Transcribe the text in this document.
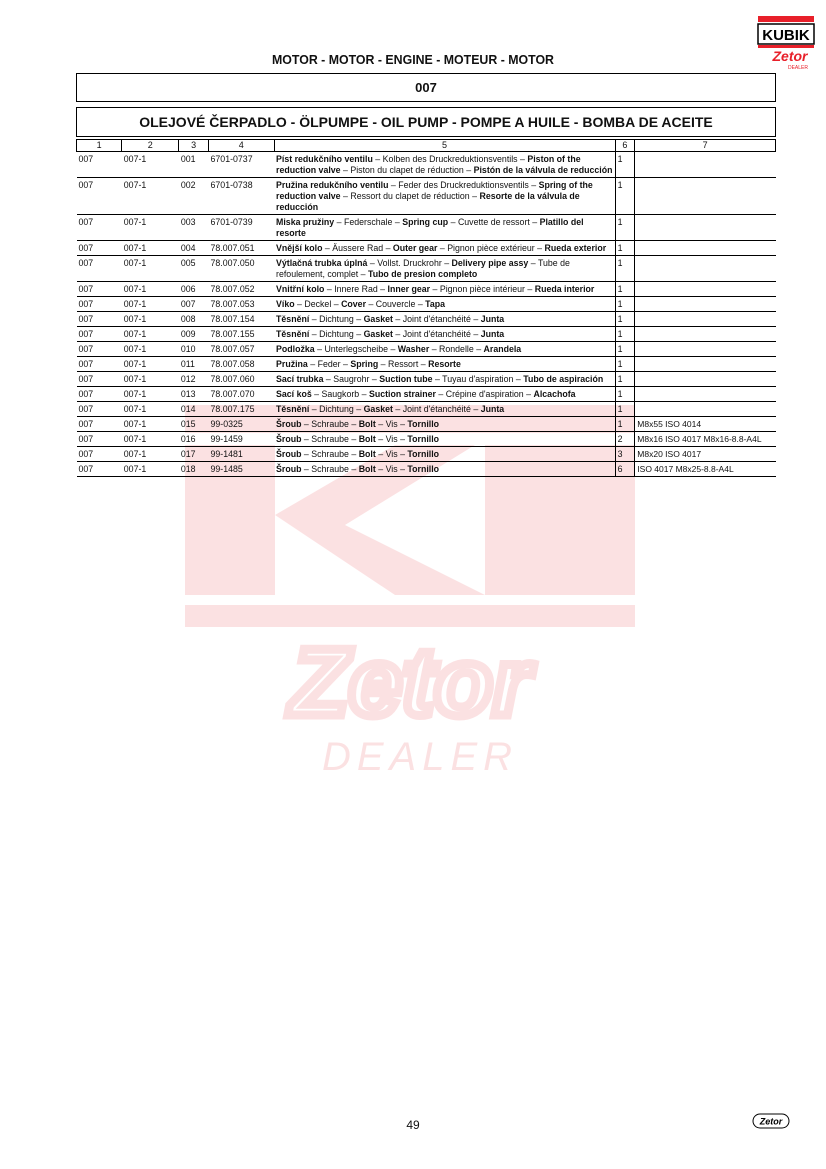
KUBIK
Zetor
DEALER
Zetor
DEALER
MOTOR - MOTOR - ENGINE - MOTEUR - MOTOR
007
OLEJOVÉ ČERPADLO - ÖLPUMPE - OIL PUMP - POMPE A HUILE - BOMBA DE ACEITE
1	2	3	4	5	6	7
007	007-1	001	6701-0737	Píst redukčního ventilu – Kolben des Druckreduktionsventils – Piston of the reduction valve – Piston du clapet de réduction – Pistón de la válvula de reducción	1	
007	007-1	002	6701-0738	Pružina redukčního ventilu – Feder des Druckreduktionsventils – Spring of the reduction valve – Ressort du clapet de réduction – Resorte de la válvula de reducción	1	
007	007-1	003	6701-0739	Miska pružiny – Federschale – Spring cup – Cuvette de ressort – Platillo del resorte	1	
007	007-1	004	78.007.051	Vnější kolo – Äussere Rad – Outer gear – Pignon pièce extérieur – Rueda exterior	1	
007	007-1	005	78.007.050	Výtlačná trubka úplná – Vollst. Druckrohr – Delivery pipe assy – Tube de refoulement, complet – Tubo de presion completo	1	
007	007-1	006	78.007.052	Vnitřní kolo – Innere Rad – Inner gear – Pignon pièce intérieur – Rueda interior	1	
007	007-1	007	78.007.053	Víko – Deckel – Cover – Couvercle – Tapa	1	
007	007-1	008	78.007.154	Těsnění – Dichtung – Gasket – Joint d'étanchéité – Junta	1	
007	007-1	009	78.007.155	Těsnění – Dichtung – Gasket – Joint d'étanchéité – Junta	1	
007	007-1	010	78.007.057	Podložka – Unterlegscheibe – Washer – Rondelle – Arandela	1	
007	007-1	011	78.007.058	Pružina – Feder – Spring – Ressort – Resorte	1	
007	007-1	012	78.007.060	Sací trubka – Saugrohr – Suction tube – Tuyau d'aspiration – Tubo de aspiración	1	
007	007-1	013	78.007.070	Sací koš – Saugkorb – Suction strainer – Crépine d'aspiration – Alcachofa	1	
007	007-1	014	78.007.175	Těsnění – Dichtung – Gasket – Joint d'étanchéité – Junta	1	
007	007-1	015	99-0325	Šroub – Schraube – Bolt – Vis – Tornillo	1	M8x55 ISO 4014
007	007-1	016	99-1459	Šroub – Schraube – Bolt – Vis – Tornillo	2	M8x16 ISO 4017 M8x16-8.8-A4L
007	007-1	017	99-1481	Šroub – Schraube – Bolt – Vis – Tornillo	3	M8x20 ISO 4017
007	007-1	018	99-1485	Šroub – Schraube – Bolt – Vis – Tornillo	6	ISO 4017 M8x25-8.8-A4L
49	Zetor
